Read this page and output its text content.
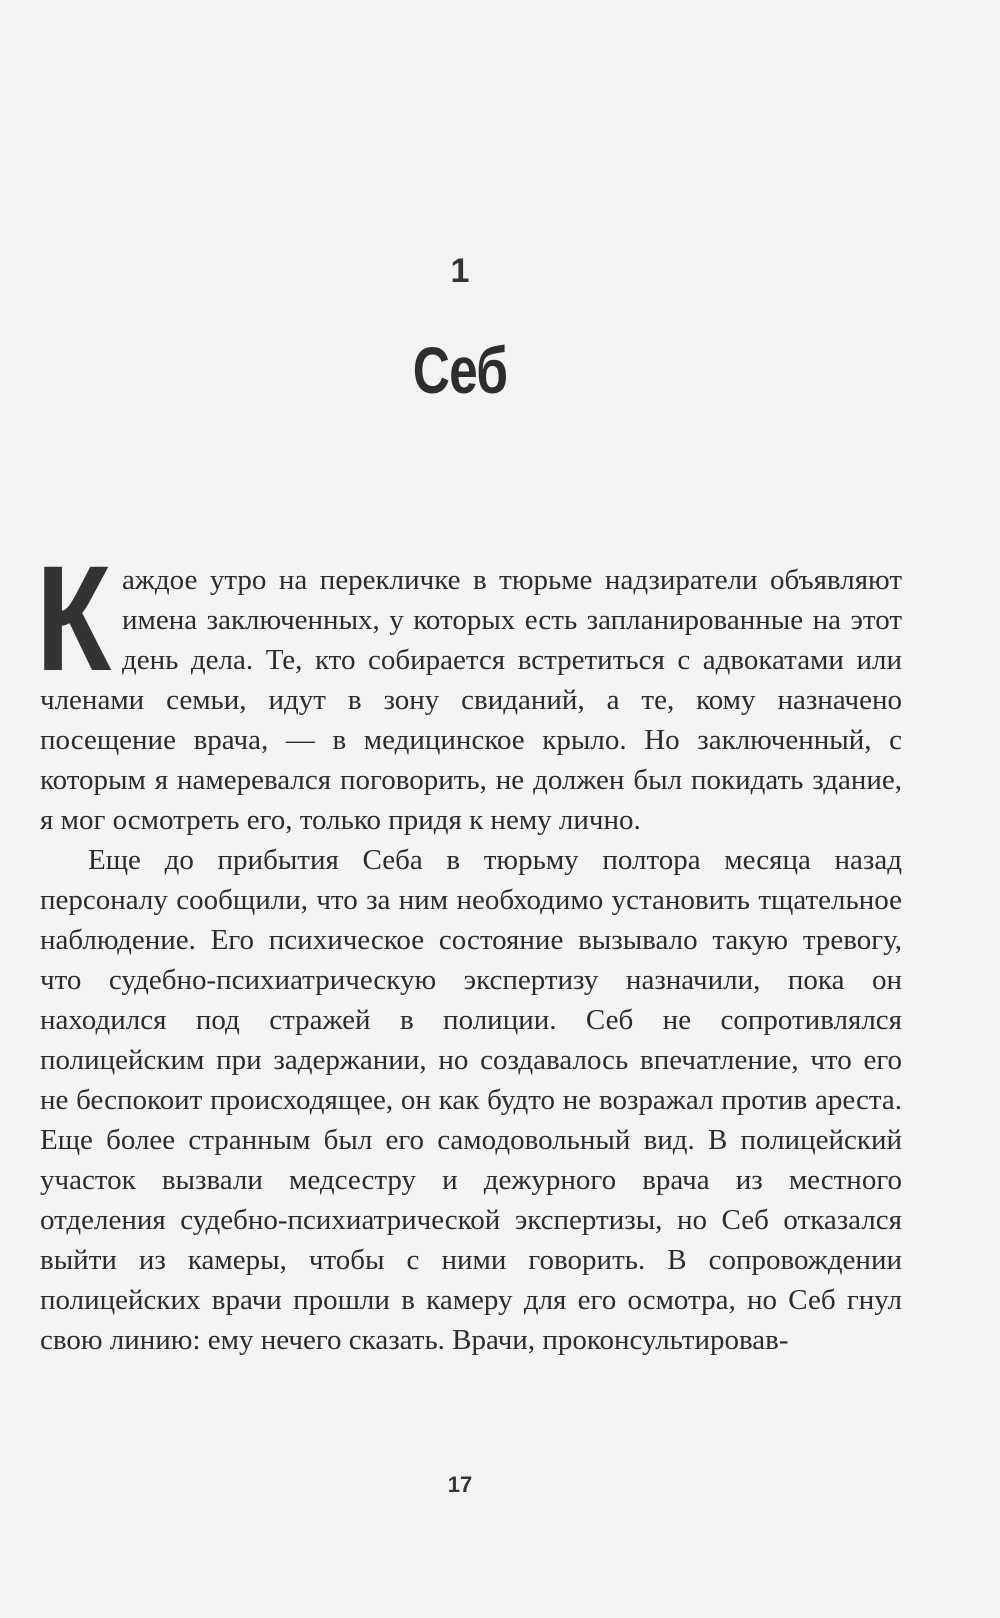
1
Себ

Каждое утро на перекличке в тюрьме надзиратели объявляют имена заключенных, у которых есть запланированные на этот день дела. Те, кто собирается встретиться с адвокатами или членами семьи, идут в зону свиданий, а те, кому назначено посещение врача, — в медицинское крыло. Но заключенный, с которым я намеревался поговорить, не должен был покидать здание, я мог осмотреть его, только придя к нему лично.

Еще до прибытия Себа в тюрьму полтора месяца назад персоналу сообщили, что за ним необходимо установить тщательное наблюдение. Его психическое состояние вызывало такую тревогу, что судебно-психиатрическую экспертизу назначили, пока он находился под стражей в полиции. Себ не сопротивлялся полицейским при задержании, но создавалось впечатление, что его не беспокоит происходящее, он как будто не возражал против ареста. Еще более странным был его самодовольный вид. В полицейский участок вызвали медсестру и дежурного врача из местного отделения судебно-психиатрической экспертизы, но Себ отказался выйти из камеры, чтобы с ними говорить. В сопровождении полицейских врачи прошли в камеру для его осмотра, но Себ гнул свою линию: ему нечего сказать. Врачи, проконсультировав-

17
